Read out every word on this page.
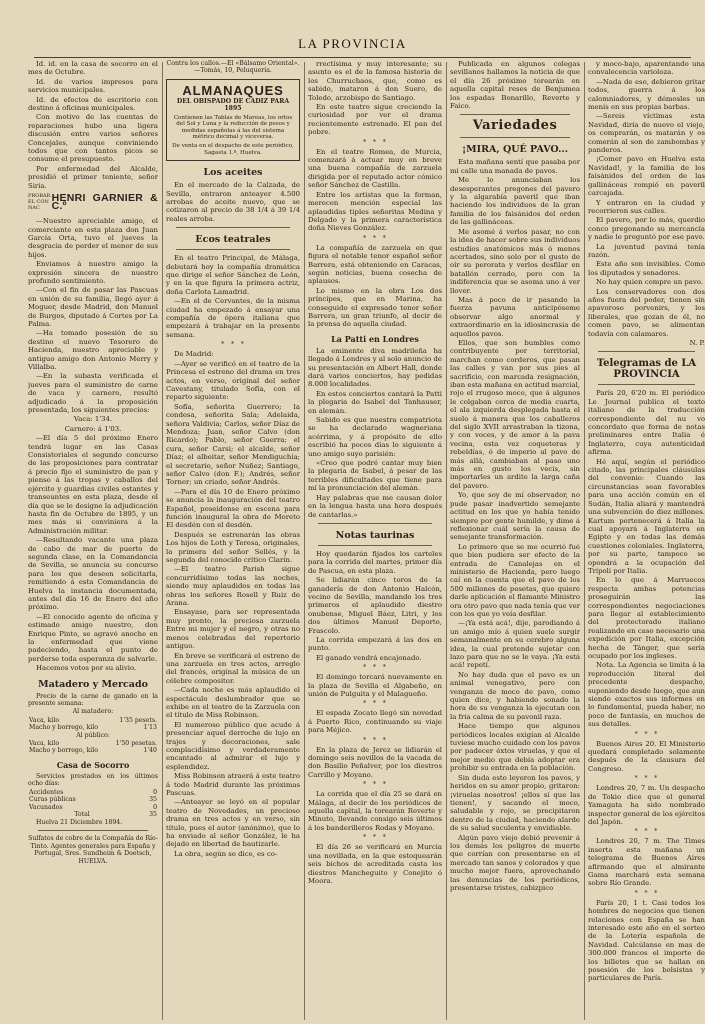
LA PROVINCIA

Id. id. en la casa de socorro en el mes de Octubre.

Id. de varios impresos para servicios municipales.

Id. de efectos de escritorio con destino á oficinas municipales.

Con motivo de las cuentas de reparaciones hubo una ligera discusión entre varios señores Concejales, aunque conviniendo todos que con tantos picos se consume el presupuesto.

Por enfermedad del Alcalde, presidió el primer teniente, señor Siria.

PROBAR EL CON NAC
HENRI GARNIER & C.º

—Nuestro apreciable amigo, el comerciante en esta plaza don Juan García Orta, tuvo el jueves la desgracia de perder el menor de sus hijos.

Enviamos á nuestro amigo la expresión sincera de nuestro profundo sentimiento.

—Con el fin de pasar las Pascuas en unión de su familia, llegó ayer á Moguer, desde Madrid, don Manuel de Burgos, diputado á Cortes por La Palma.

—Ha tomado posesión de su destino el nuevo Tesorero de Hacienda, nuestro apreciable y antiguo amigo don Antonio Merry y Villalba.

—En la subasta verificada el jueves para el suministro de carne de vaca y carnero, resultó adjudicado á la proposición presentada, los siguientes precios:

Vaca: 1'34.

Carnero: á 1'03.

—El día 5 del próximo Enero tendrá lugar en las Casas Consistoriales el segundo concurso de las proposiciones para contratar á precio fijo el suministro de pan y pienso á las tropas y caballos del ejército y guardias civiles estantes y transeuntes en esta plaza, desde el día que se le designe la adjudicación hasta fin de Octubre de 1895, y un mes más si conviniera á la Administración militar.

—Resultando vacante una plaza de cabo de mar de puerto de segunda clase, en la Comandancia de Sevilla, se anuncia su concurso para los que deseen solicitarla, remitiendo á esta Comandancia de Huelva la instancia documentada, antes del día 16 de Enero del año próximo.

—El conocido agente de oficina y estimado amigo nuestro, don Enrique Pinto, se agravó anoche en la enfermedad que viene padeciendo, hasta el punto de perderse toda esperanza de salvarle.

Hacemos votos por su alivio.

Matadero y Mercado

Precio de la carne de ganado en la presente semana:

Al matadero:

Vaca, kilo	1'35 pesets.
Macho y borrego, kilo	1'13
Al público:	
Vaca, kilo	1'50 pesetas.
Macho y borrego, kilo	1'40
Casa de Socorro

Servicios prestados en los últimos ocho días:

Accidentes	0
Curas públicas	35
Vacunados	0
Total	35

Huelva 21 Diciembre 1894.

Sulfatos de cobre de la Compañía de Río-Tinto. Agentes generales para España y Portugal, Sres. Sundheim & Doetsch, HUELVA.

Contra los callos.—El «Bálsamo Oriental».—Tomás, 10, Peluquería.

ALMANAQUES
DEL OBISPADO DE CADIZ PARA 1895
Contienen las Tablas de Mareas, los ortos del Sol y Luna y la reducción de pesos y medidas españolas á las del sistema métrico decimal y viceversa.
De venta en el despacho de este periódico, Sagasta 1.º, Huelva.
Los aceites

En el mercado de la Calzada, de Sevilla, entraron anteayer 4.500 arrobas de aceite nuevo, que se cotizaron al precio de 38 1/4 á 39 1/4 reales arroba.

Ecos teatrales

En el teatro Principal, de Málaga, debutará hoy la compañía dramática que dirige el señor Sánchez de León, y en la que figura la primera actriz, doña Carlota Lamadrid.

—En el de Cervantes, de la misma ciudad ha empezado á ensayar una compañía de ópera italiana que empezará á trabajar en la presente semana.

*  *  *

De Madrid:

—Ayer se verificó en el teatro de la Princesa el estreno del drama en tres actos, en verso, original del señor Cavestany, titulado Sofía, con el reparto siguiente:

Sofía, señorita Guerrero; la condesa, señorita Sala; Adelaida, señora Valdivia; Carlos, señor Díaz de Mendoza; Juan, señor Calvo (don Ricardo); Pablo, señor Guerra; el cura, señor Carsi; el alcalde, señor Díaz; el albeitar, señor Mendiguchía; el secretario, señor Nuñez; Santiago, señor Calvo (don F.); Andrés, señor Torner; un criado, señor Andrés.

—Para el día 10 de Enero próximo se anuncia la inauguración del teatro Español, poseidonse en escena para función inaugural la obra de Moreto El desdén con el desdén.

Después se estrenarán las obras Los hijos de Loth y Teresa, originales, la primera del señor Sellés, y la segunda del conocido crítico Clarín.

—El teatro Parish sigue concurridísimo todas las noches, siendo muy aplaudidos en todas las obras los señores Rosell y Ruiz de Arana.

Ensayase, para ser representada muy pronto, la preciosa zarzuela Entre mi mujer y el negro, y otras no menos celebradas del repertorio antiguo.

En breve se verificará el estreno de una zarzuela en tres actos, arreglo del francés, original la música de un célebre compositor.

—Cada noche es más aplaudido el espectáculo deslumbrador que se exhibe en el teatro de la Zarzuela con el título de Miss Robinson.

El numeroso público que acude á presenciar aquel derroche de lujo en trajes y decoraciones, sale complacidísimo y verdaderamente encantado al admirar el lujo y esplendidez.

Miss Robinson atraerá á este teatro á todo Madrid durante las próximas Pascuas.

—Anteayer se leyó en el popular teatro de Novedades, un precioso drama en tres actos y en verso, sin título, pues el autor (anónimo), que lo ha enviado al señor González, le ha dejado en libertad de bautizarle.

La obra, según se dice, es co-

rrectísima y muy interesante; su asunto es el de la famosa historia de los Churruchaos, que, como es sabido, mataron á don Suero, de Toledo, arzobispo de Santiago.

En este teatro sigue creciendo la curiosidad por ver el drama recientemente estrenado. El pan del pobre.

*  *  *

En el teatro Romea, de Murcia, comenzará á actuar muy en breve una buena compañía de zarzuela dirigida por el reputado actor cómico señor Sánchez de Castilla.

Entre los artistas que la forman, merecen mención especial las aplaudidas tiples señoritas Medina y Delgado y la primera característica doña Nieves González.

*  *  *

La compañía de zarzuela en que figura el notable tenor español señor Barrera, está obteniendo en Caracas, según noticias, buena cosecha de aplausos.

Lo mismo en la obra Los dos príncipes, que en Marina, ha conseguido el expresado tenor señor Barrera, un gran triunfo, al decir de la prensa de aquella ciudad.

La Patti en Londres

La eminente diva madrileña ha llegado á Londres y al solo anuncio de su presentación en Albert Hall, donde dará varios conciertos, hay pedidas 8.000 localidades.

En estos conciertos cantará la Patti la plegaria de Isabel del Tanhauser, en alemán.

Sabido es que nuestra compatriota se ha declarado wagneriana acérrima, y á propósito de ello escribió ha pocos días lo siguiente á uno amigo suyo parisién:

«Creo que podré cantar muy bien la plegaria de Isabel, á pesar de las terribles dificultades que tiene para mí la pronunciación del alemán.

Hay palabras que me causan dolor en la lengua hasta una hora después de cantarlas.»

Notas taurinas

Hoy quedarán fijados los carteles para la corrida del martes, primer día de Pascua, en esta plaza.

Se lidiarán cinco toros de la ganadería de don Antonio Halcón, vecino de Sevilla, mandando los tres primeros el aplaudido diestro onubense, Miguel Báez, Litri, y los dos últimos Manuel Deporto, Frascolo.

La corrida empezará á las dos en punto.

El ganado vendrá encajonado.

*  *  *

El domingo torcará nuevamente en la plaza de Sevilla el Algabeño, en unión de Pulguita y el Malagueño.

*  *  *

El espada Zocato llegó sin novedad á Puerto Rico, continuando su viaje para Méjico.

*  *  *

En la plaza de Jerez se lidiarán el domingo seis novillos de la vacada de don Basilio Peñalver, por los diestros Carrillo y Moyano.

*  *  *

La corrida que el día 25 se dará en Málaga, al decir de los periódicos de aquella capital, la torearán Reverte y Minuto, llevando consigo seis últimos á los banderilleros Rodas y Moyano.

*  *  *

El día 26 se verificará en Murcia una novillada, en la que estoquearán seis bichos de acreditada casta los diestros Mancheguito y Conejito ó Moora.

Publicada en algunos colegas sevillanos hallamos la noticia de que el día 26 próximo torearán en aquella capital reses de Benjumea los espadas Bonarillo, Reverte y Faico.

Variedades
¡MIRA, QUÉ PAVO...

Esta mañana sentí que pasaba por mi calle una manada de pavos.

Me lo anunciaban los desesperantes pregones del pavero y la algarabía paveril que iban haciendo los individuos de la gran familia de los faisánidos del orden de las gallináceas.

Me asomé á verlos pasar, no con la idea de hacer sobre sus individuos estudios anatómicos más ó menos acertados, sino solo por el gusto de oír su perorata y verlos desfilar en batallón cerrado, pero con la indiferencia que se asoma uno á ver llover.

Mas á poco de ir pasando la fuerza pavuna anticipóseme observar algo anormal y extraordinario en la idiosincrasia de aquellos pavos.

Ellos, que son bumbles como contribuyente por territorial, marchan como corderos, que pasan las calles y van por sus pies al sacrificio, con marcada resignación, iban esta mañana en actitud marcial, rojo el rrugoso moco, que á algunos le colgaban cerca de media cuarta, el ala izquierda desplegada hasta el suelo á manera que los caballeros del siglo XVII arrastraban la tizona, y con voces, y de amor á la pava vecina, esta vez coqueteras y rebeldías, ó de imperio al pavo de más allá, cambiaban al paso uno más en gusto los vecis, sin importarles un ardite la larga caña del pavero.

Yo, que soy de mí observador, no pude pasar inadvertido semejante actitud en los que yo había tenido siempre por gente humilde, y dime á reflexionar cuál sería la causa de semejante transformación.

Lo primero que se me ocurrió fué que bien pudiera ser efecto de la entrada de Canalejas en el ministerio de Hacienda, pero luego caí en la cuenta que el pavo de los 500 millones de pesetas, que quiere darle aplicación el flamante Ministro ora otro pavo que nada tenía que ver con los que yo veía desfilar.

—¡Ya está acá!, dije, parodiando á un amigo mío á quien suele surgir semanalmente en su cerebro alguna idea, la cual pretende sujetar con lazo para que no se le vaya. ¡Ya está acá! repetí.

No hay duda que el pavo es un animal venegativo, pero con venganza de moco de pavo, como quien dice, y habiendo sonado la hora de su venganza la ejecutan con la fria calma de su pavonil raza.

Hace tiempo que algunos periódicos locales exigían al Alcalde tuviese mucho cuidado con los pavos por padecer éxtos viruelas, y que el mejor medio que debía adoptar era prohibir su entrada en la población.

Sin duda esto leyeron los pavos, y heridos en su amor propio, gritaron: ¡viruelas nosotros! ¡ellos sí que las tienen!, y sacando el moco, saludable y rojo, se precipitaron dentro de la ciudad, haciendo alarde de su salud suculenta y envidiable.

Algún pavo viejo debió prevenir á los demás los peligros de muerte que corrían con presentarse en el mercado tan sanos y colorados y que mucho mejor fuera, aprovechando las denuncias de los periódicos, presentarse tristes, cabizpico

y moco-bajo, aparentando una convalecencia varioloza.

—Nada de eso, debieron gritar todos, guerra á los calomniadores, y démosles un menís en sus propias barbas.

—Sereis víctimas esta Navidad, diría de nuevo el viejo, os comprarán, os matarán y os comerán al son de zambombas y panderos.

¡Comer pavo en Huelva esta Navidad!, y la familia de los faisánidos del orden de las gallináceas rompió en paveril carcajada.

Y entraron en la ciudad y recorrieron sus calles.

El pavero, por lo más, querdio conco pregonando su mercancía y nadie le preguntó por ese pavo.

La juventud paviná tenía razón.

Este año son invisibles. Como los diputados y senadores.

No hay quien compre un pavo.

Los conservadores con dos años fuera del poder, tienen sin apavoroso porvenirs, y los liberales, que gozan de él, no comen pavo, se alimentan todavía con calamares.

N. P.

Telegramas de LA PROVINCIA

París 20, 6'20 m. El periódico Le Journal publica el texto italiano de la traducción correspondiente del nu vo concordato que forma de notas preliminares entre Italia é Inglaterra, cuya autenticidad afirma.

Hé aquí, según el periódico citado, las principales cláusulas del convenio: Cuando las circunstancias sean favorables para una acción común en el Sudán, Italia aliará y mantendrá una subvención de diez millones. Kartum pertenecerá á Italia la cual apoyará á Inglaterra en Egipto y en todas las demás cuestiones coloniales. Inglaterra, por su parte, tampoco se opondrá a la ocupación del Trípoli por Italia.

En lo que á Marruecos respecta ambas potencias proseguirán las correspondientes negociaciones para llegar al establecimiento del protectorado italiano realizando en caso necesario una expedición por Italia, excepción hecha de Tánger, que sería ocupado por los ingleses.

Nota. La Agencia se limita á la reproducción literal del precedente despacho, suponiendo desde luego, que aun siendo exactos sus informes en lo fundamental, pueda haber, no poco de fantasía, en muchos de sus detalles.

*  *  *

Buenos Aires 20. El Ministerio quedará completado solamente después de la clausura del Congreso.

*  *  *

Londres 20, 7 m. Un despacho de Tokio dice que el general Yamagata ha sido nombrado inspector general de los ejércitos del Japón.

*  *  *

Londres 20, 7 m. The Times inserta esta mañana un telegrama de Buenos Aires afirmando que el almirante Gama marchará esta semana sobre Río Grande.

*  *  *

París 20, 1 t. Casi todos los hombres de negocios que tienen relaciones con España se han interesado este año en el sorteo de la Lotería española de Navidad. Calcúlanse en mas de 300.000 francos el importe de los billetes que se hallan en posesión de los bolsistas y particulares de París.
